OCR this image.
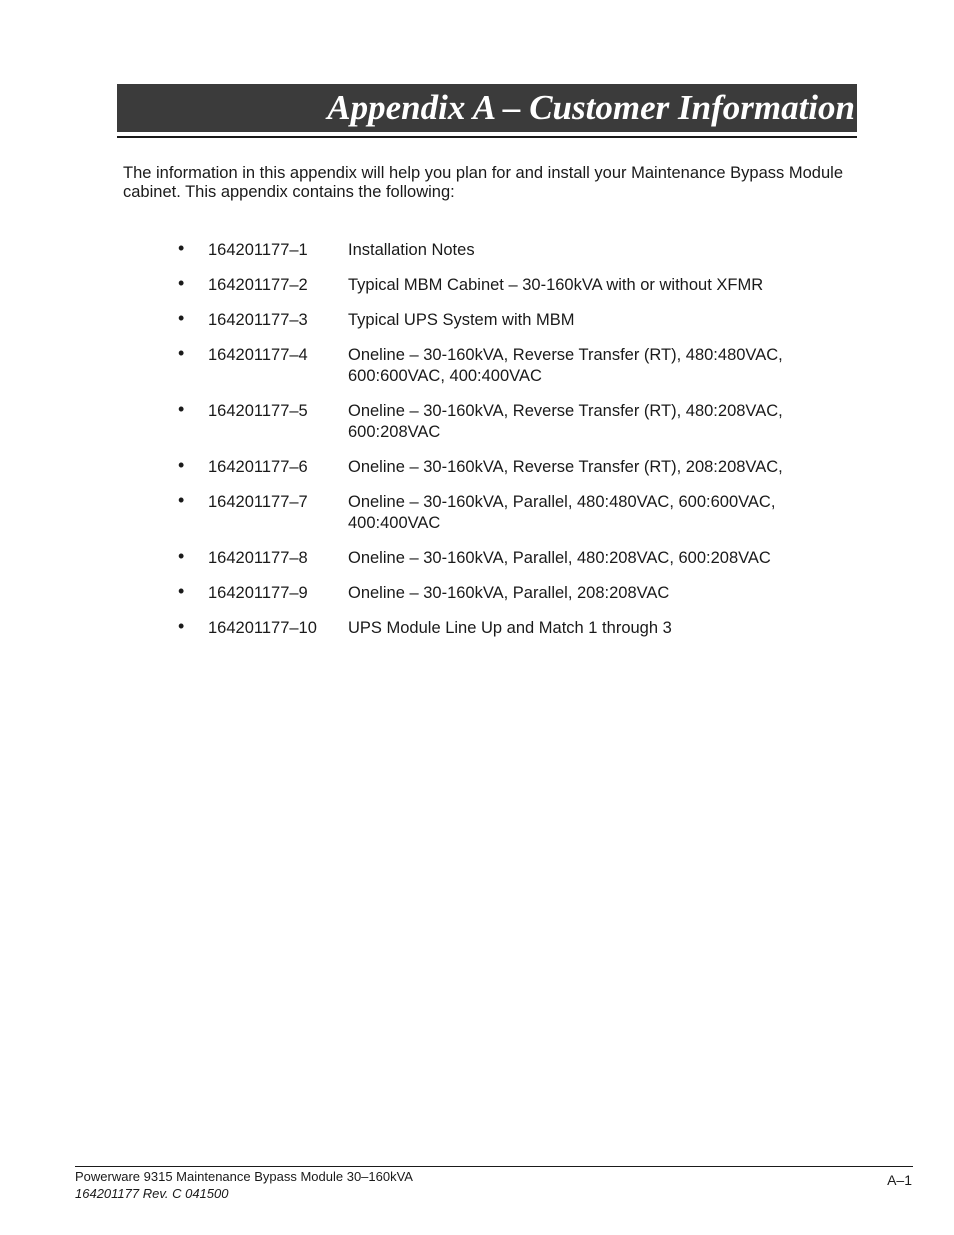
Appendix A – Customer Information

The information in this appendix will help you plan for and install your Maintenance Bypass Module cabinet. This appendix contains the following:

• 164201177–1 Installation Notes
• 164201177–2 Typical MBM Cabinet – 30-160kVA with or without XFMR
• 164201177–3 Typical UPS System with MBM
• 164201177–4 Oneline – 30-160kVA, Reverse Transfer (RT), 480:480VAC, 600:600VAC, 400:400VAC
• 164201177–5 Oneline – 30-160kVA, Reverse Transfer (RT), 480:208VAC, 600:208VAC
• 164201177–6 Oneline – 30-160kVA, Reverse Transfer (RT), 208:208VAC,
• 164201177–7 Oneline – 30-160kVA, Parallel, 480:480VAC, 600:600VAC, 400:400VAC
• 164201177–8 Oneline – 30-160kVA, Parallel, 480:208VAC, 600:208VAC
• 164201177–9 Oneline – 30-160kVA, Parallel, 208:208VAC
• 164201177–10 UPS Module Line Up and Match 1 through 3
Powerware 9315 Maintenance Bypass Module 30–160kVA
164201177 Rev. C 041500
A–1
